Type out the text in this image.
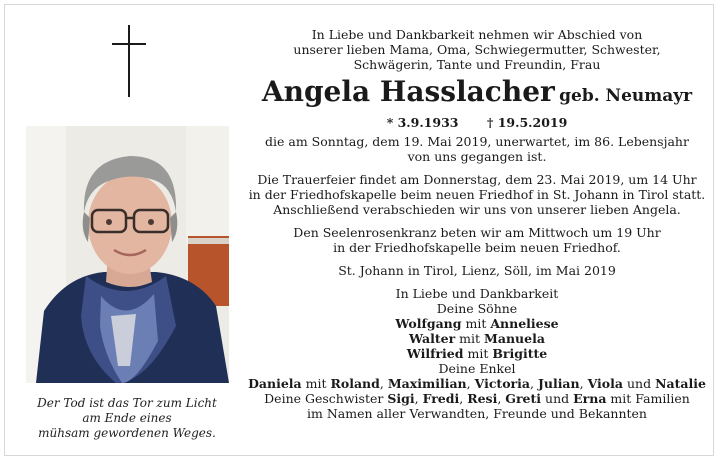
Der Tod ist das Tor zum Licht
am Ende eines
mühsam gewordenen Weges.
In Liebe und Dankbarkeit nehmen wir Abschied von
unserer lieben Mama, Oma, Schwiegermutter, Schwester,
Schwägerin, Tante und Freundin, Frau
Angela Hasslacher geb. Neumayr
* 3.9.1933 † 19.5.2019
die am Sonntag, dem 19. Mai 2019, unerwartet, im 86. Lebensjahr
von uns gegangen ist.
Die Trauerfeier findet am Donnerstag, dem 23. Mai 2019, um 14 Uhr
in der Friedhofskapelle beim neuen Friedhof in St. Johann in Tirol statt.
Anschließend verabschieden wir uns von unserer lieben Angela.
Den Seelenrosenkranz beten wir am Mittwoch um 19 Uhr
in der Friedhofskapelle beim neuen Friedhof.
St. Johann in Tirol, Lienz, Söll, im Mai 2019
In Liebe und Dankbarkeit
Deine Söhne
Wolfgang mit Anneliese
Walter mit Manuela
Wilfried mit Brigitte
Deine Enkel
Daniela mit Roland, Maximilian, Victoria, Julian, Viola und Natalie
Deine Geschwister Sigi, Fredi, Resi, Greti und Erna mit Familien
im Namen aller Verwandten, Freunde und Bekannten
